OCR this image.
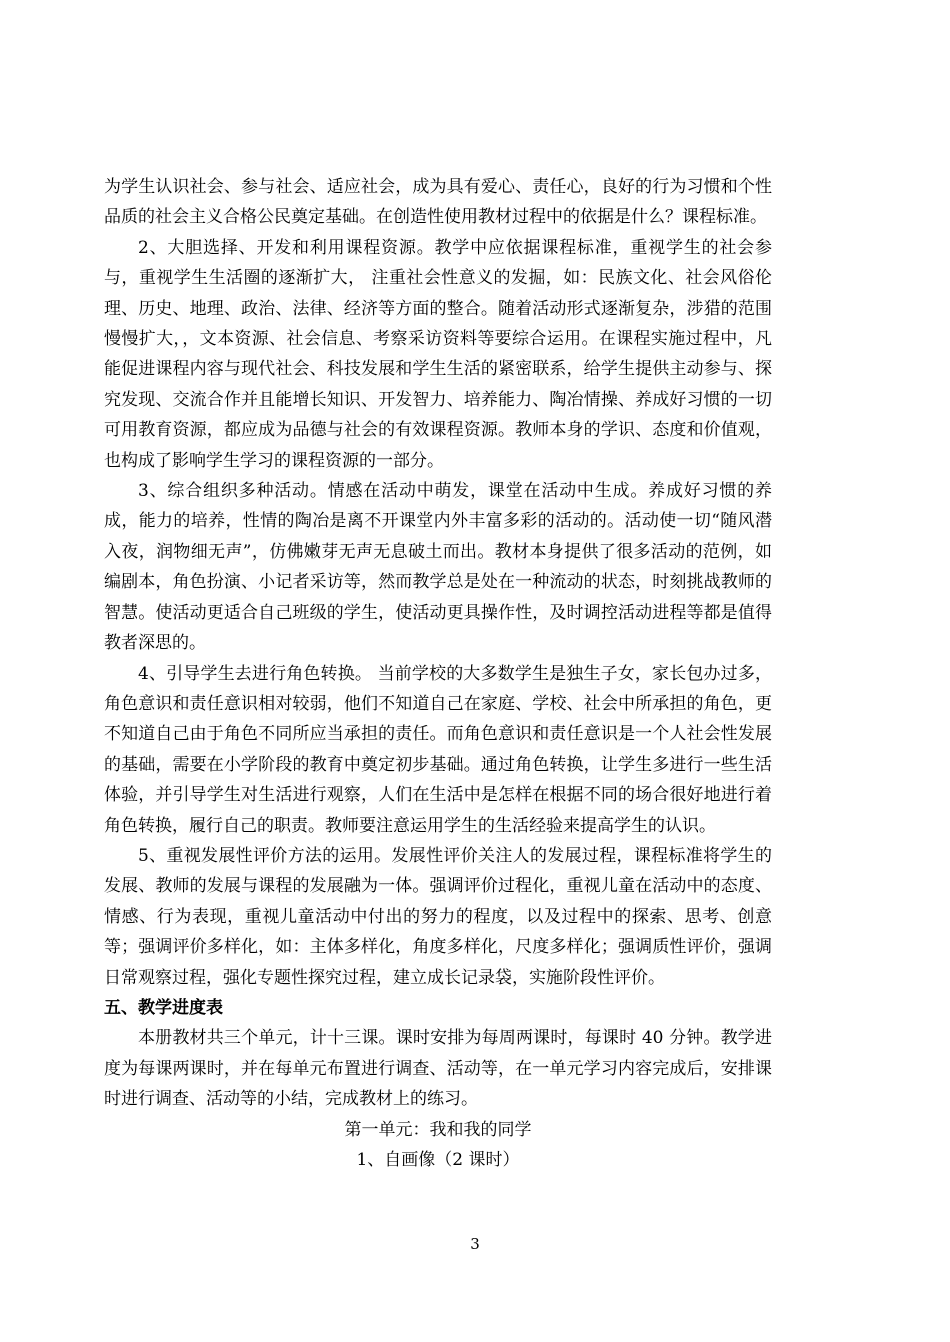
为学生认识社会、参与社会、适应社会，成为具有爱心、责任心，良好的行为习惯和个性品质的社会主义合格公民奠定基础。在创造性使用教材过程中的依据是什么？课程标准。

2、大胆选择、开发和利用课程资源。教学中应依据课程标准，重视学生的社会参与，重视学生生活圈的逐渐扩大， 注重社会性意义的发掘，如：民族文化、社会风俗伦理、历史、地理、政治、法律、经济等方面的整合。随着活动形式逐渐复杂，涉猎的范围慢慢扩大，，文本资源、社会信息、考察采访资料等要综合运用。在课程实施过程中，凡能促进课程内容与现代社会、科技发展和学生生活的紧密联系，给学生提供主动参与、探究发现、交流合作并且能增长知识、开发智力、培养能力、陶冶情操、养成好习惯的一切可用教育资源，都应成为品德与社会的有效课程资源。教师本身的学识、态度和价值观，也构成了影响学生学习的课程资源的一部分。

3、综合组织多种活动。情感在活动中萌发，课堂在活动中生成。养成好习惯的养成，能力的培养，性情的陶冶是离不开课堂内外丰富多彩的活动的。活动使一切“随风潜入夜，润物细无声”，仿佛嫩芽无声无息破土而出。教材本身提供了很多活动的范例，如编剧本，角色扮演、小记者采访等，然而教学总是处在一种流动的状态，时刻挑战教师的智慧。使活动更适合自己班级的学生，使活动更具操作性，及时调控活动进程等都是值得教者深思的。

4、引导学生去进行角色转换。 当前学校的大多数学生是独生子女，家长包办过多，角色意识和责任意识相对较弱，他们不知道自己在家庭、学校、社会中所承担的角色，更不知道自己由于角色不同所应当承担的责任。而角色意识和责任意识是一个人社会性发展的基础，需要在小学阶段的教育中奠定初步基础。通过角色转换，让学生多进行一些生活体验，并引导学生对生活进行观察，人们在生活中是怎样在根据不同的场合很好地进行着角色转换，履行自己的职责。教师要注意运用学生的生活经验来提高学生的认识。

5、重视发展性评价方法的运用。发展性评价关注人的发展过程，课程标准将学生的发展、教师的发展与课程的发展融为一体。强调评价过程化，重视儿童在活动中的态度、情感、行为表现，重视儿童活动中付出的努力的程度，以及过程中的探索、思考、创意等；强调评价多样化，如：主体多样化，角度多样化，尺度多样化；强调质性评价，强调日常观察过程，强化专题性探究过程，建立成长记录袋，实施阶段性评价。

五、教学进度表

本册教材共三个单元，计十三课。课时安排为每周两课时，每课时 40 分钟。教学进度为每课两课时，并在每单元布置进行调查、活动等，在一单元学习内容完成后，安排课时进行调查、活动等的小结，完成教材上的练习。

第一单元：我和我的同学

1、自画像（2 课时）

3
